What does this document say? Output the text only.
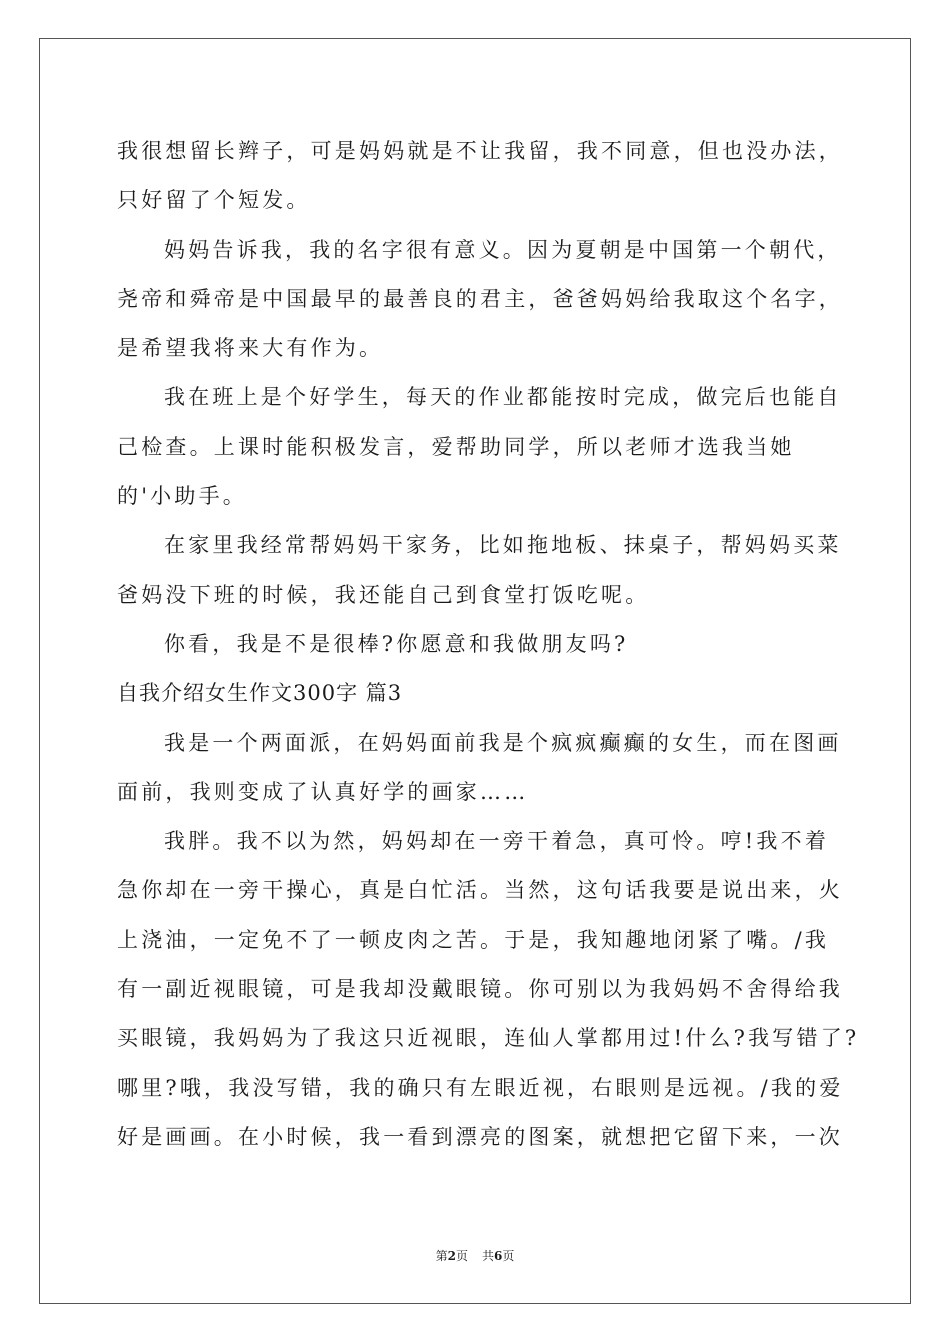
我很想留长辫子，可是妈妈就是不让我留，我不同意，但也没办法，

只好留了个短发。

妈妈告诉我，我的名字很有意义。因为夏朝是中国第一个朝代，

尧帝和舜帝是中国最早的最善良的君主，爸爸妈妈给我取这个名字，

是希望我将来大有作为。

我在班上是个好学生，每天的作业都能按时完成，做完后也能自

己检查。上课时能积极发言，爱帮助同学，所以老师才选我当她

的'小助手。

在家里我经常帮妈妈干家务，比如拖地板、抹桌子，帮妈妈买菜

爸妈没下班的时候，我还能自己到食堂打饭吃呢。

你看，我是不是很棒?你愿意和我做朋友吗?

自我介绍女生作文300字 篇3

我是一个两面派，在妈妈面前我是个疯疯癫癫的女生，而在图画

面前，我则变成了认真好学的画家……

我胖。我不以为然，妈妈却在一旁干着急，真可怜。哼!我不着

急你却在一旁干操心，真是白忙活。当然，这句话我要是说出来，火

上浇油，一定免不了一顿皮肉之苦。于是，我知趣地闭紧了嘴。/我

有一副近视眼镜，可是我却没戴眼镜。你可别以为我妈妈不舍得给我

买眼镜，我妈妈为了我这只近视眼，连仙人掌都用过!什么?我写错了?

哪里?哦，我没写错，我的确只有左眼近视，右眼则是远视。/我的爱

好是画画。在小时候，我一看到漂亮的图案，就想把它留下来，一次

第2页 共6页
